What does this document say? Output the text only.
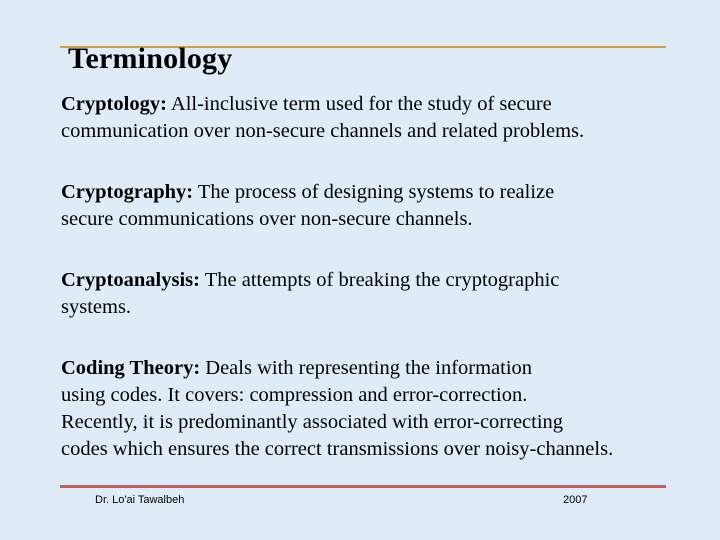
Terminology

Cryptology: All-inclusive term used for the study of secure
communication over non-secure channels and related problems.

Cryptography: The process of designing systems to realize
secure communications over non-secure channels.

Cryptoanalysis: The attempts of breaking the cryptographic
systems.

Coding Theory: Deals with representing the information
using codes. It covers: compression and error-correction.
Recently, it is predominantly associated with error-correcting
codes which ensures the correct transmissions over noisy-channels.

Dr. Lo'ai Tawalbeh	2007
